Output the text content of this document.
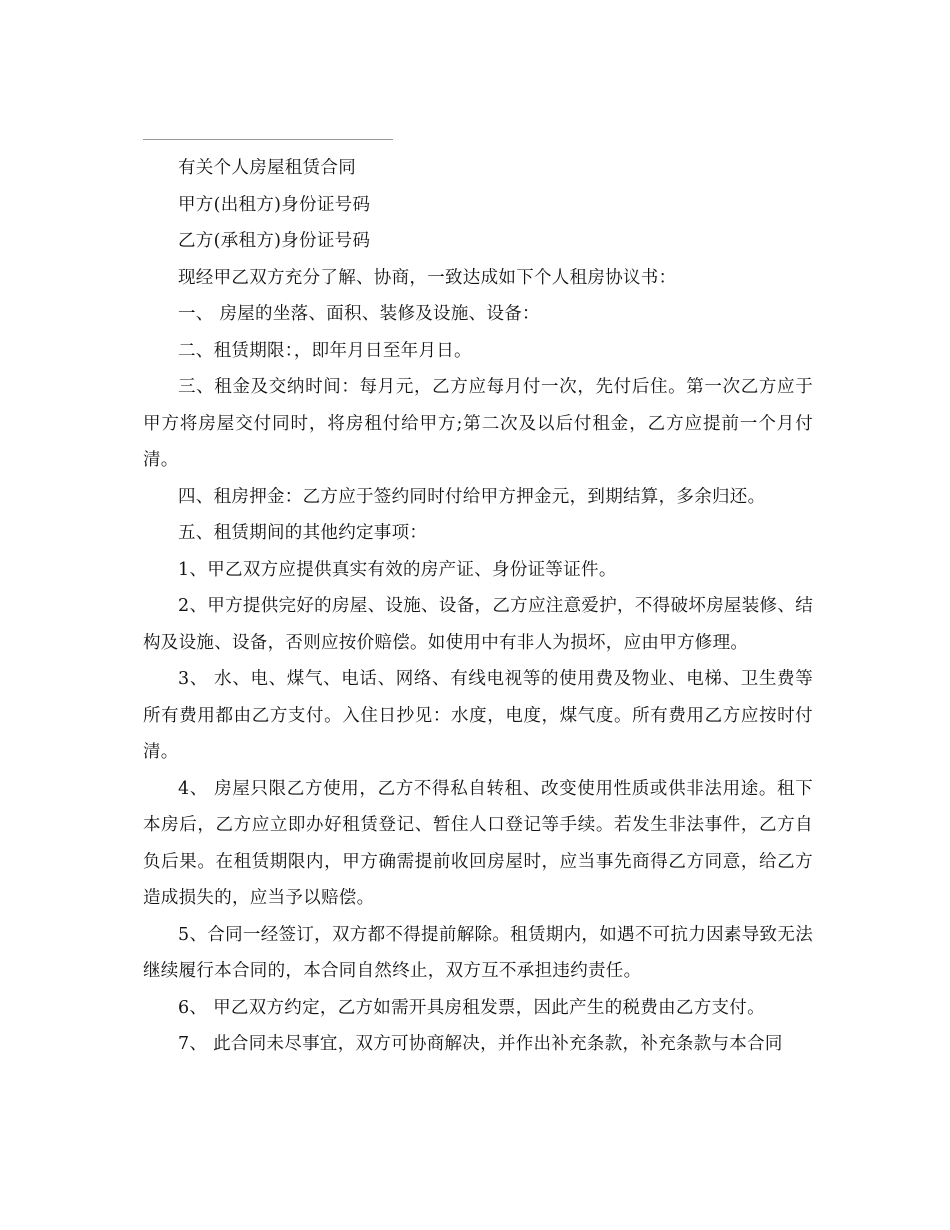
有关个人房屋租赁合同

甲方(出租方)身份证号码

乙方(承租方)身份证号码

现经甲乙双方充分了解、协商，一致达成如下个人租房协议书：

一、 房屋的坐落、面积、装修及设施、设备：

二、租赁期限：，即年月日至年月日。

三、租金及交纳时间：每月元，乙方应每月付一次，先付后住。第一次乙方应于甲方将房屋交付同时，将房租付给甲方;第二次及以后付租金，乙方应提前一个月付清。

四、租房押金：乙方应于签约同时付给甲方押金元，到期结算，多余归还。

五、租赁期间的其他约定事项：

1、甲乙双方应提供真实有效的房产证、身份证等证件。

2、甲方提供完好的房屋、设施、设备，乙方应注意爱护，不得破坏房屋装修、结构及设施、设备，否则应按价赔偿。如使用中有非人为损坏，应由甲方修理。

3、 水、电、煤气、电话、网络、有线电视等的使用费及物业、电梯、卫生费等所有费用都由乙方支付。入住日抄见：水度，电度，煤气度。所有费用乙方应按时付清。

4、 房屋只限乙方使用，乙方不得私自转租、改变使用性质或供非法用途。租下本房后，乙方应立即办好租赁登记、暂住人口登记等手续。若发生非法事件，乙方自负后果。在租赁期限内，甲方确需提前收回房屋时，应当事先商得乙方同意，给乙方造成损失的，应当予以赔偿。

5、合同一经签订，双方都不得提前解除。租赁期内，如遇不可抗力因素导致无法继续履行本合同的，本合同自然终止，双方互不承担违约责任。

6、 甲乙双方约定，乙方如需开具房租发票，因此产生的税费由乙方支付。

7、 此合同未尽事宜，双方可协商解决，并作出补充条款，补充条款与本合同
